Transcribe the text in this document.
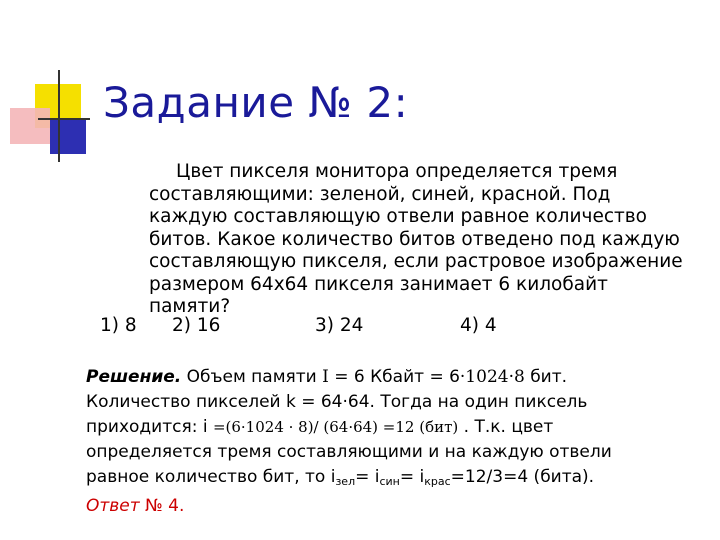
Задание № 2:

Цвет пикселя монитора определяется тремя

составляющими: зеленой, синей, красной. Под

каждую составляющую отвели равное количество

битов. Какое количество битов отведено под каждую

составляющую пикселя, если растровое изображение

размером 64х64 пикселя занимает 6 килобайт

памяти?

1) 8 2) 16	3) 24	4) 4

Решение. Объем памяти I = 6 Кбайт = 6·1024·8 бит.

Количество пикселей k = 64·64. Тогда на один пиксель

приходится: i =(6·1024 · 8)/ (64·64) =12 (бит) . Т.к. цвет

определяется тремя составляющими и на каждую отвели

равное количество бит, то $i_{зел}= i_{син}= i_{крас}=12/3=4$ (бита).

Ответ № 4.
